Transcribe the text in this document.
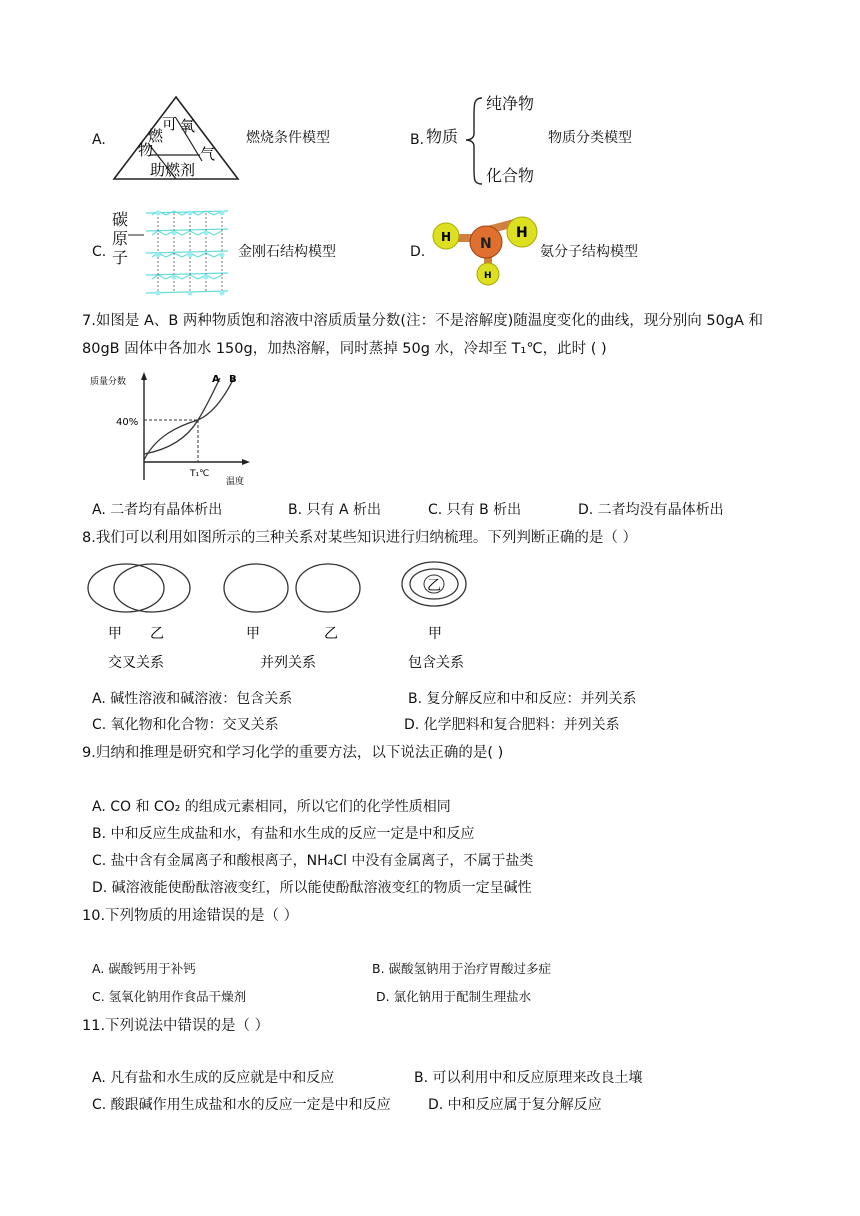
A.
可
燃
物
氧
气
助燃剂
燃烧条件模型	B. 物质
纯净物
化合物
物质分类模型
C.
碳
原
子	金刚石结构模型	D.
H N
H
H
氨分子结构模型
7.如图是 A、B 两种物质饱和溶液中溶质质量分数(注：不是溶解度)随温度变化的曲线，现分别向 50gA 和
80gB 固体中各加水 150g，加热溶解，同时蒸掉 50g 水，冷却至 T₁℃，此时 ( )
质量分数
温度
40%
T₁℃
A B
A. 二者均有晶体析出	B. 只有 A 析出	C. 只有 B 析出	D. 二者均没有晶体析出
8.我们可以利用如图所示的三种关系对某些知识进行归纳梳理。下列判断正确的是（ ）
乙
甲 乙	甲	乙	甲
交叉关系	并列关系	包含关系
A. 碱性溶液和碱溶液：包含关系	B. 复分解反应和中和反应：并列关系
C. 氧化物和化合物：交叉关系	D. 化学肥料和复合肥料：并列关系
9.归纳和推理是研究和学习化学的重要方法，以下说法正确的是( )
A. CO 和 CO₂ 的组成元素相同，所以它们的化学性质相同
B. 中和反应生成盐和水，有盐和水生成的反应一定是中和反应
C. 盐中含有金属离子和酸根离子，NH₄Cl 中没有金属离子，不属于盐类
D. 碱溶液能使酚酞溶液变红，所以能使酚酞溶液变红的物质一定呈碱性
10.下列物质的用途错误的是（ ）
A. 碳酸钙用于补钙	B. 碳酸氢钠用于治疗胃酸过多症
C. 氢氧化钠用作食品干燥剂	D. 氯化钠用于配制生理盐水
11.下列说法中错误的是（ ）
A. 凡有盐和水生成的反应就是中和反应	B. 可以利用中和反应原理来改良土壤
C. 酸跟碱作用生成盐和水的反应一定是中和反应	D. 中和反应属于复分解反应
